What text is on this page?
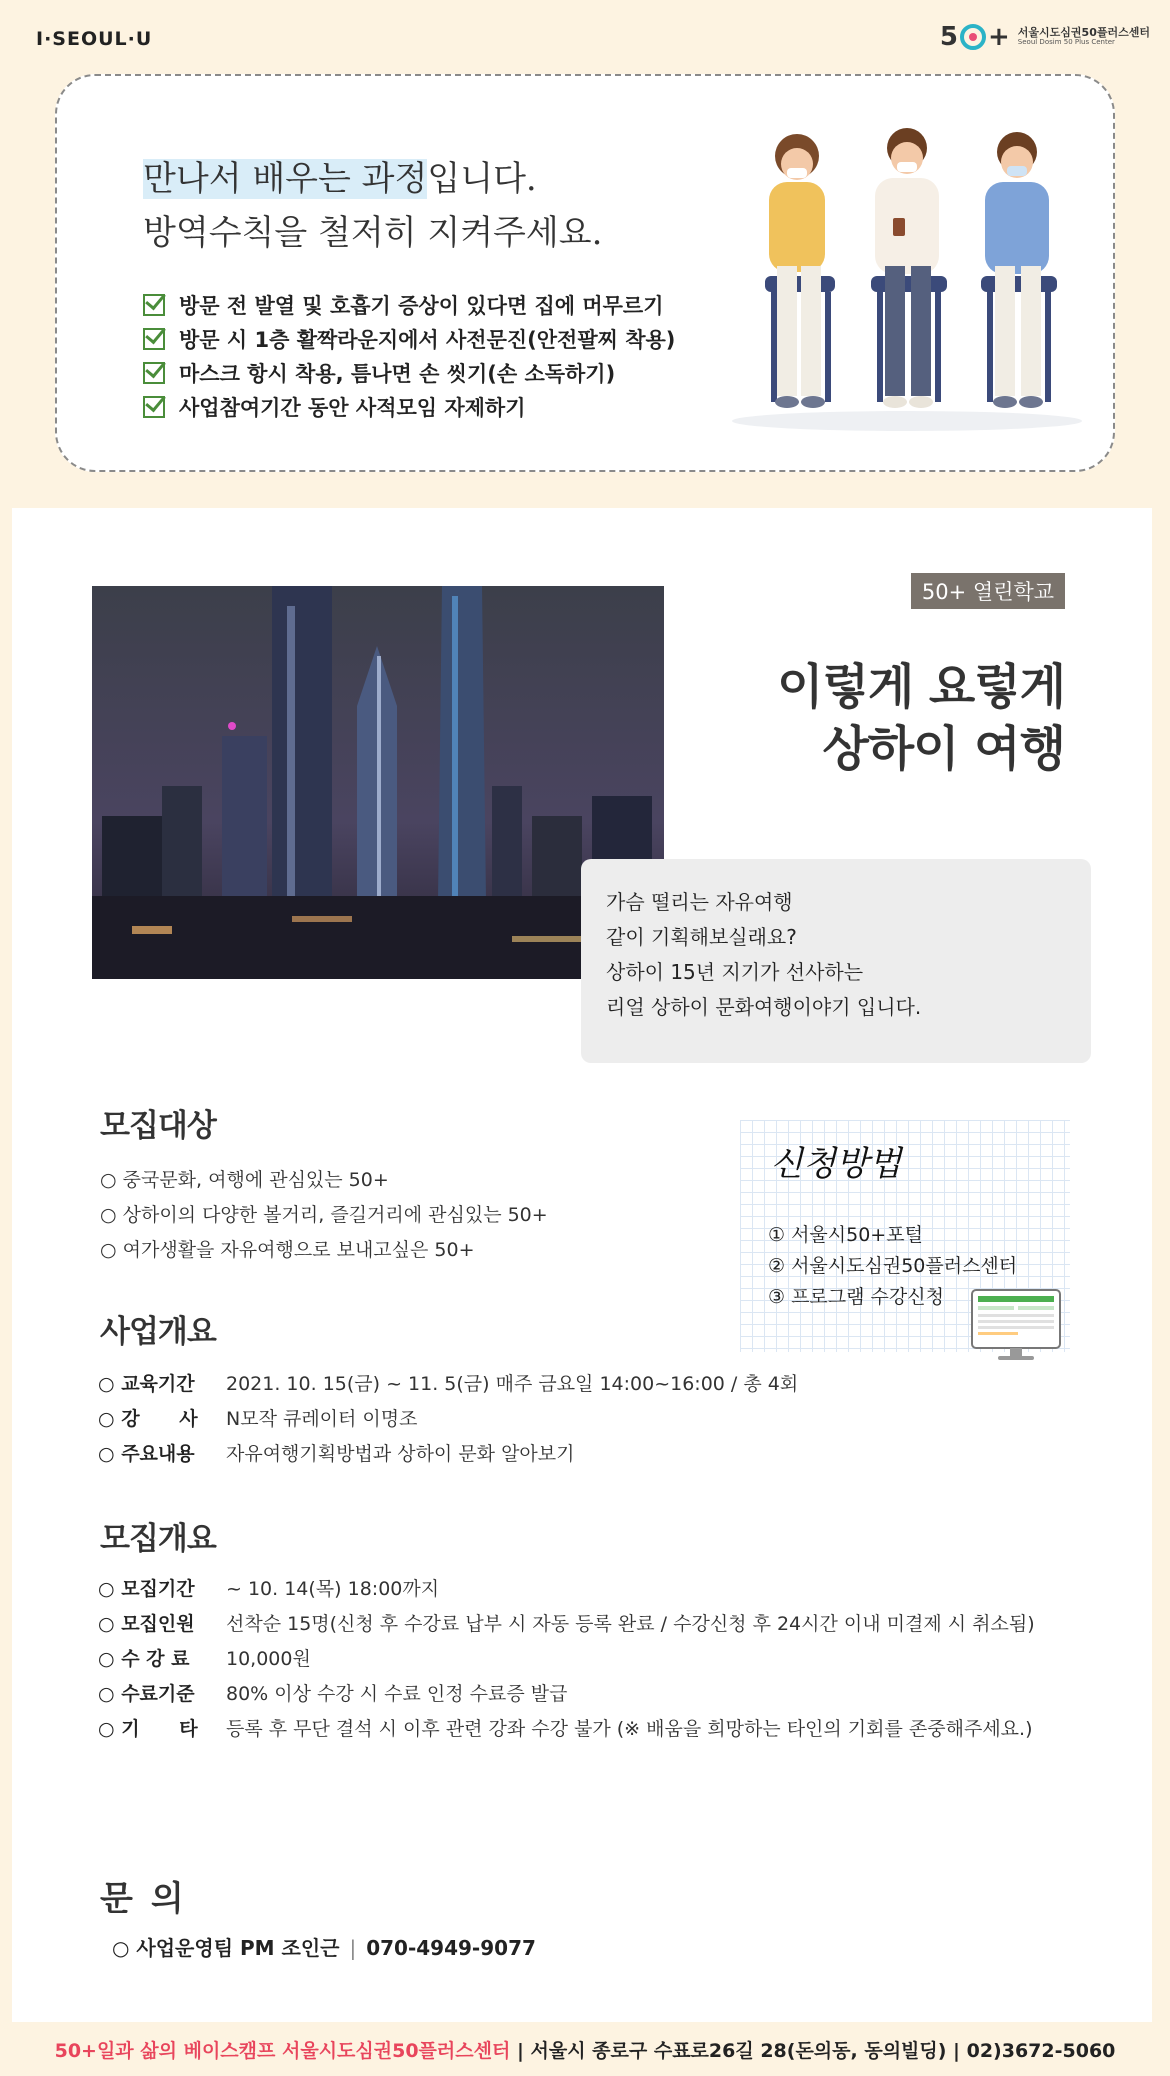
I·SEOUL·U	5 + 서울시도심권50플러스센터
Seoul Dosim 50 Plus Center
만나서 배우는 과정입니다.
방역수칙을 철저히 지켜주세요.
방문 전 발열 및 호흡기 증상이 있다면 집에 머무르기
방문 시 1층 활짝라운지에서 사전문진(안전팔찌 착용)
마스크 항시 착용, 틈나면 손 씻기(손 소독하기)
사업참여기간 동안 사적모임 자제하기
50+ 열린학교
이렇게 요렇게
상하이 여행
가슴 떨리는 자유여행
같이 기획해보실래요?
상하이 15년 지기가 선사하는
리얼 상하이 문화여행이야기 입니다.
모집대상
○ 중국문화, 여행에 관심있는 50+
○ 상하이의 다양한 볼거리, 즐길거리에 관심있는 50+
○ 여가생활을 자유여행으로 보내고싶은 50+
신청방법
① 서울시50+포털
② 서울시도심권50플러스센터
③ 프로그램 수강신청
사업개요
○ 교육기간	2021. 10. 15(금) ~ 11. 5(금) 매주 금요일 14:00~16:00 / 총 4회
○ 강      사	N모작 큐레이터 이명조
○ 주요내용	자유여행기획방법과 상하이 문화 알아보기
모집개요
○ 모집기간	~ 10. 14(목) 18:00까지
○ 모집인원	선착순 15명(신청 후 수강료 납부 시 자동 등록 완료 / 수강신청 후 24시간 이내 미결제 시 취소됨)
○ 수 강 료	10,000원
○ 수료기준	80% 이상 수강 시 수료 인정 수료증 발급
○ 기      타	등록 후 무단 결석 시 이후 관련 강좌 수강 불가 (※ 배움을 희망하는 타인의 기회를 존중해주세요.)
문의
○ 사업운영팀 PM 조인근 | 070-4949-9077
50+일과 삶의 베이스캠프 서울시도심권50플러스센터 | 서울시 종로구 수표로26길 28(돈의동, 동의빌딩) | 02)3672-5060
